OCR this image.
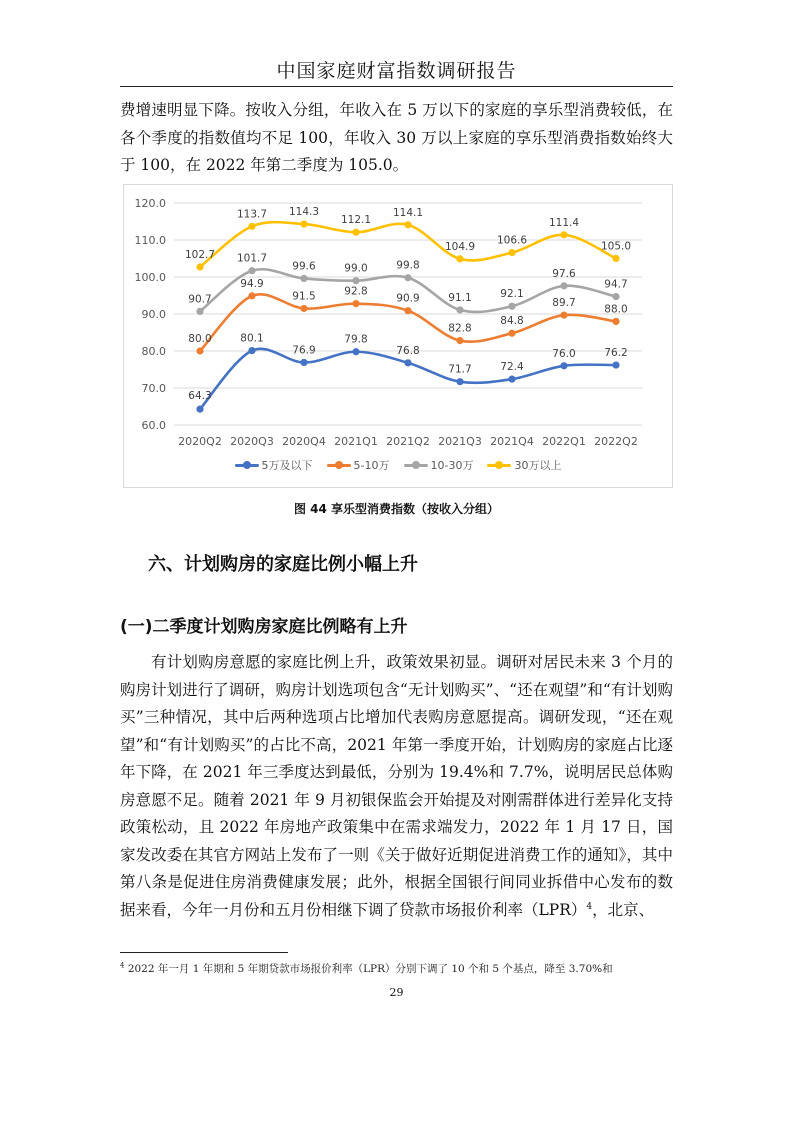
中国家庭财富指数调研报告

费增速明显下降。按收入分组，年收入在 5 万以下的家庭的享乐型消费较低，在各个季度的指数值均不足 100，年收入 30 万以上家庭的享乐型消费指数始终大于 100，在 2022 年第二季度为 105.0。

60.0
70.0
80.0
90.0
100.0
110.0
120.0
2020Q2 2020Q3 2020Q4 2021Q1 2021Q2 2021Q3 2021Q4 2022Q1 2022Q2
64.3
80.1
76.9
79.8
76.8
71.7	72.4
76.0	76.2
80.0
94.9
91.5	92.8
90.9
82.8
84.8
89.7
88.0
90.7
101.7
99.6	99.0	99.8
91.1	92.1
97.6
94.7
102.7
113.7 114.3
112.1
114.1
104.9
106.6
111.4
105.0
5万及以下	5-10万	10-30万	30万以上
图 44 享乐型消费指数（按收入分组）
六、计划购房的家庭比例小幅上升
(一)二季度计划购房家庭比例略有上升

有计划购房意愿的家庭比例上升，政策效果初显。调研对居民未来 3 个月的购房计划进行了调研，购房计划选项包含“无计划购买”、“还在观望”和“有计划购买”三种情况，其中后两种选项占比增加代表购房意愿提高。调研发现，“还在观望”和“有计划购买”的占比不高，2021 年第一季度开始，计划购房的家庭占比逐年下降，在 2021 年三季度达到最低，分别为 19.4%和 7.7%，说明居民总体购房意愿不足。随着 2021 年 9 月初银保监会开始提及对刚需群体进行差异化支持政策松动，且 2022 年房地产政策集中在需求端发力，2022 年 1 月 17 日，国家发改委在其官方网站上发布了一则《关于做好近期促进消费工作的通知》，其中第八条是促进住房消费健康发展；此外，根据全国银行间同业拆借中心发布的数据来看，今年一月份和五月份相继下调了贷款市场报价利率（LPR）$^4$，北京、

$^4$ 2022 年一月 1 年期和 5 年期贷款市场报价利率（LPR）分别下调了 10 个和 5 个基点，降至 3.70%和
29
